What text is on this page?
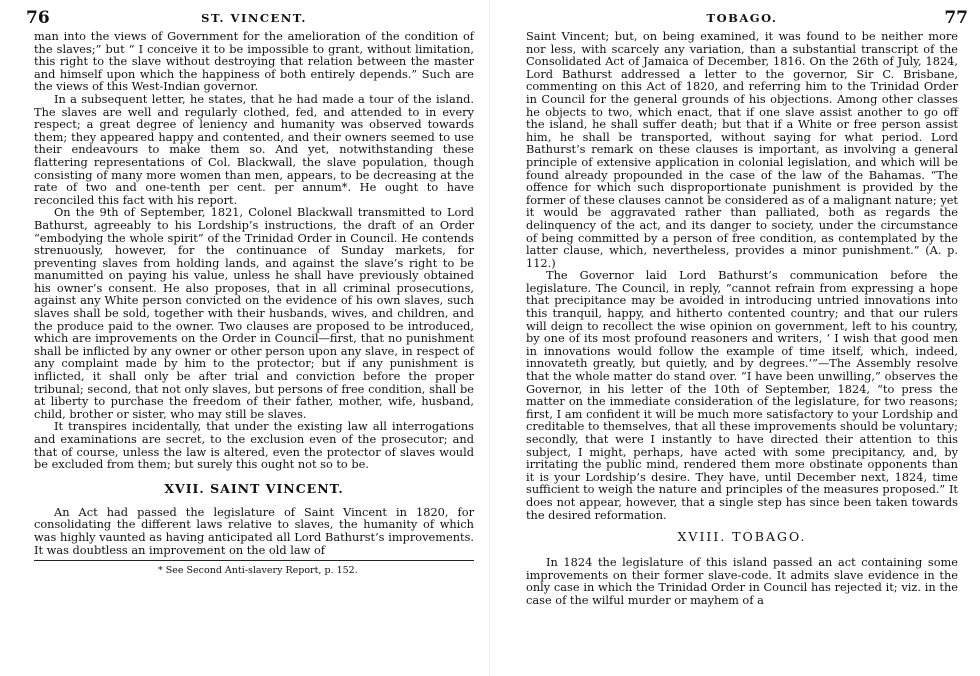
76	ST. VINCENT.

man into the views of Government for the amelioration of the condition of the slaves;” but “ I conceive it to be impossible to grant, without limitation, this right to the slave without destroying that relation between the master and himself upon which the happiness of both entirely depends.” Such are the views of this West-Indian governor.

In a subsequent letter, he states, that he had made a tour of the island. The slaves are well and regularly clothed, fed, and attended to in every respect; a great degree of leniency and humanity was observed towards them; they appeared happy and contented, and their owners seemed to use their endeavours to make them so. And yet, notwithstanding these flattering representations of Col. Blackwall, the slave population, though consisting of many more women than men, appears, to be decreasing at the rate of two and one-tenth per cent. per annum*. He ought to have reconciled this fact with his report.

On the 9th of September, 1821, Colonel Blackwall transmitted to Lord Bathurst, agreeably to his Lordship’s instructions, the draft of an Order “embodying the whole spirit” of the Trinidad Order in Council. He contends strenuously, however, for the continuance of Sunday markets, for preventing slaves from holding lands, and against the slave’s right to be manumitted on paying his value, unless he shall have previously obtained his owner’s consent. He also proposes, that in all criminal prosecutions, against any White person convicted on the evidence of his own slaves, such slaves shall be sold, together with their husbands, wives, and children, and the produce paid to the owner. Two clauses are proposed to be introduced, which are improvements on the Order in Council—first, that no punishment shall be inflicted by any owner or other person upon any slave, in respect of any complaint made by him to the protector; but if any punishment is inflicted, it shall only be after trial and conviction before the proper tribunal; second, that not only slaves, but persons of free condition, shall be at liberty to purchase the freedom of their father, mother, wife, husband, child, brother or sister, who may still be slaves.

It transpires incidentally, that under the existing law all interrogations and examinations are secret, to the exclusion even of the prosecutor; and that of course, unless the law is altered, even the protector of slaves would be excluded from them; but surely this ought not so to be.

XVII. SAINT VINCENT.

An Act had passed the legislature of Saint Vincent in 1820, for consolidating the different laws relative to slaves, the humanity of which was highly vaunted as having anticipated all Lord Bathurst’s improvements. It was doubtless an improvement on the old law of

* See Second Anti-slavery Report, p. 152.

TOBAGO.	77

Saint Vincent; but, on being examined, it was found to be neither more nor less, with scarcely any variation, than a substantial transcript of the Consolidated Act of Jamaica of December, 1816. On the 26th of July, 1824, Lord Bathurst addressed a letter to the governor, Sir C. Brisbane, commenting on this Act of 1820, and referring him to the Trinidad Order in Council for the general grounds of his objections. Among other classes he objects to two, which enact, that if one slave assist another to go off the island, he shall suffer death; but that if a White or free person assist him, he shall be transported, without saying for what period. Lord Bathurst’s remark on these clauses is important, as involving a general principle of extensive application in colonial legislation, and which will be found already propounded in the case of the law of the Bahamas. “The offence for which such disproportionate punishment is provided by the former of these clauses cannot be considered as of a malignant nature; yet it would be aggravated rather than palliated, both as regards the delinquency of the act, and its danger to society, under the circumstance of being committed by a person of free condition, as contemplated by the latter clause, which, nevertheless, provides a minor punishment.” (A. p. 112.)

The Governor laid Lord Bathurst’s communication before the legislature. The Council, in reply, “cannot refrain from expressing a hope that precipitance may be avoided in introducing untried innovations into this tranquil, happy, and hitherto contented country; and that our rulers will deign to recollect the wise opinion on government, left to his country, by one of its most profound reasoners and writers, ‘ I wish that good men in innovations would follow the example of time itself, which, indeed, innovateth greatly, but quietly, and by degrees.’”—The Assembly resolve that the whole matter do stand over. “I have been unwilling,” observes the Governor, in his letter of the 10th of September, 1824, “to press the matter on the immediate consideration of the legislature, for two reasons; first, I am confident it will be much more satisfactory to your Lordship and creditable to themselves, that all these improvements should be voluntary; secondly, that were I instantly to have directed their attention to this subject, I might, perhaps, have acted with some precipitancy, and, by irritating the public mind, rendered them more obstinate opponents than it is your Lordship’s desire. They have, until December next, 1824, time sufficient to weigh the nature and principles of the measures proposed.” It does not appear, however, that a single step has since been taken towards the desired reformation.

XVIII. TOBAGO.

In 1824 the legislature of this island passed an act containing some improvements on their former slave-code. It admits slave evidence in the only case in which the Trinidad Order in Council has rejected it; viz. in the case of the wilful murder or mayhem of a
